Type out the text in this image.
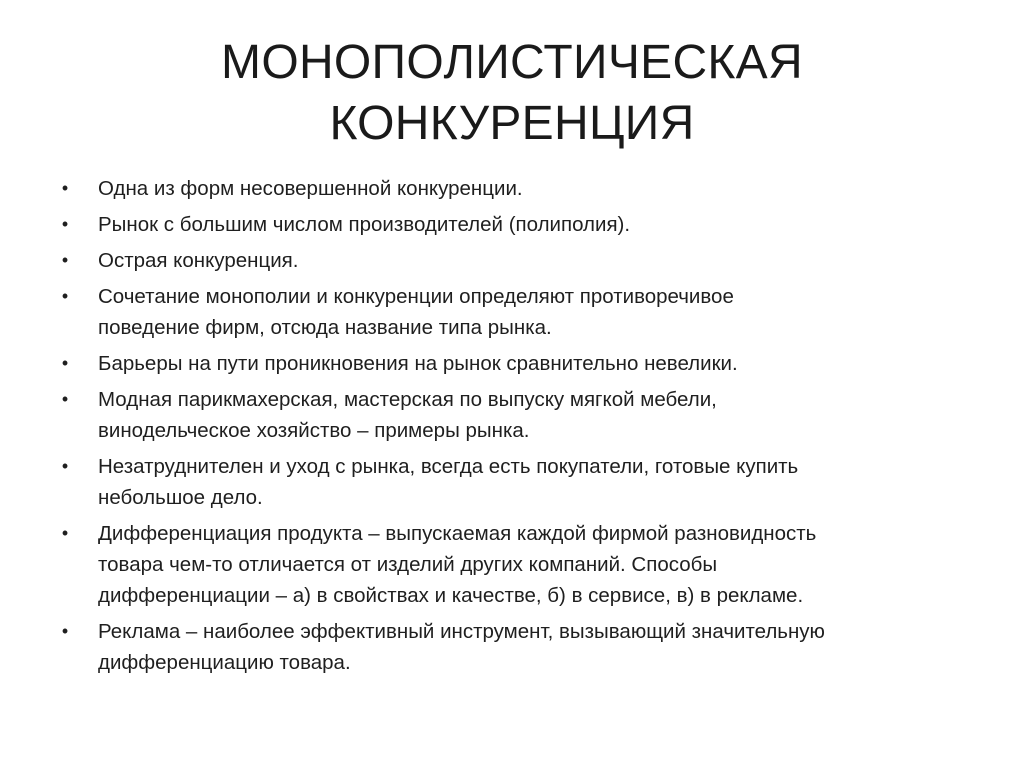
МОНОПОЛИСТИЧЕСКАЯ
КОНКУРЕНЦИЯ
• Одна из форм несовершенной конкуренции.
• Рынок с большим числом производителей (полиполия).
• Острая конкуренция.
• Сочетание монополии и конкуренции определяют противоречивое
поведение фирм, отсюда название типа рынка.
• Барьеры на пути проникновения на рынок сравнительно невелики.
• Модная парикмахерская, мастерская по выпуску мягкой мебели,
винодельческое хозяйство – примеры рынка.
• Незатруднителен и уход с рынка, всегда есть покупатели, готовые купить
небольшое дело.
• Дифференциация продукта – выпускаемая каждой фирмой разновидность
товара чем-то отличается от изделий других компаний. Способы
дифференциации – а) в свойствах и качестве, б) в сервисе, в) в рекламе.
• Реклама – наиболее эффективный инструмент, вызывающий значительную
дифференциацию товара.
